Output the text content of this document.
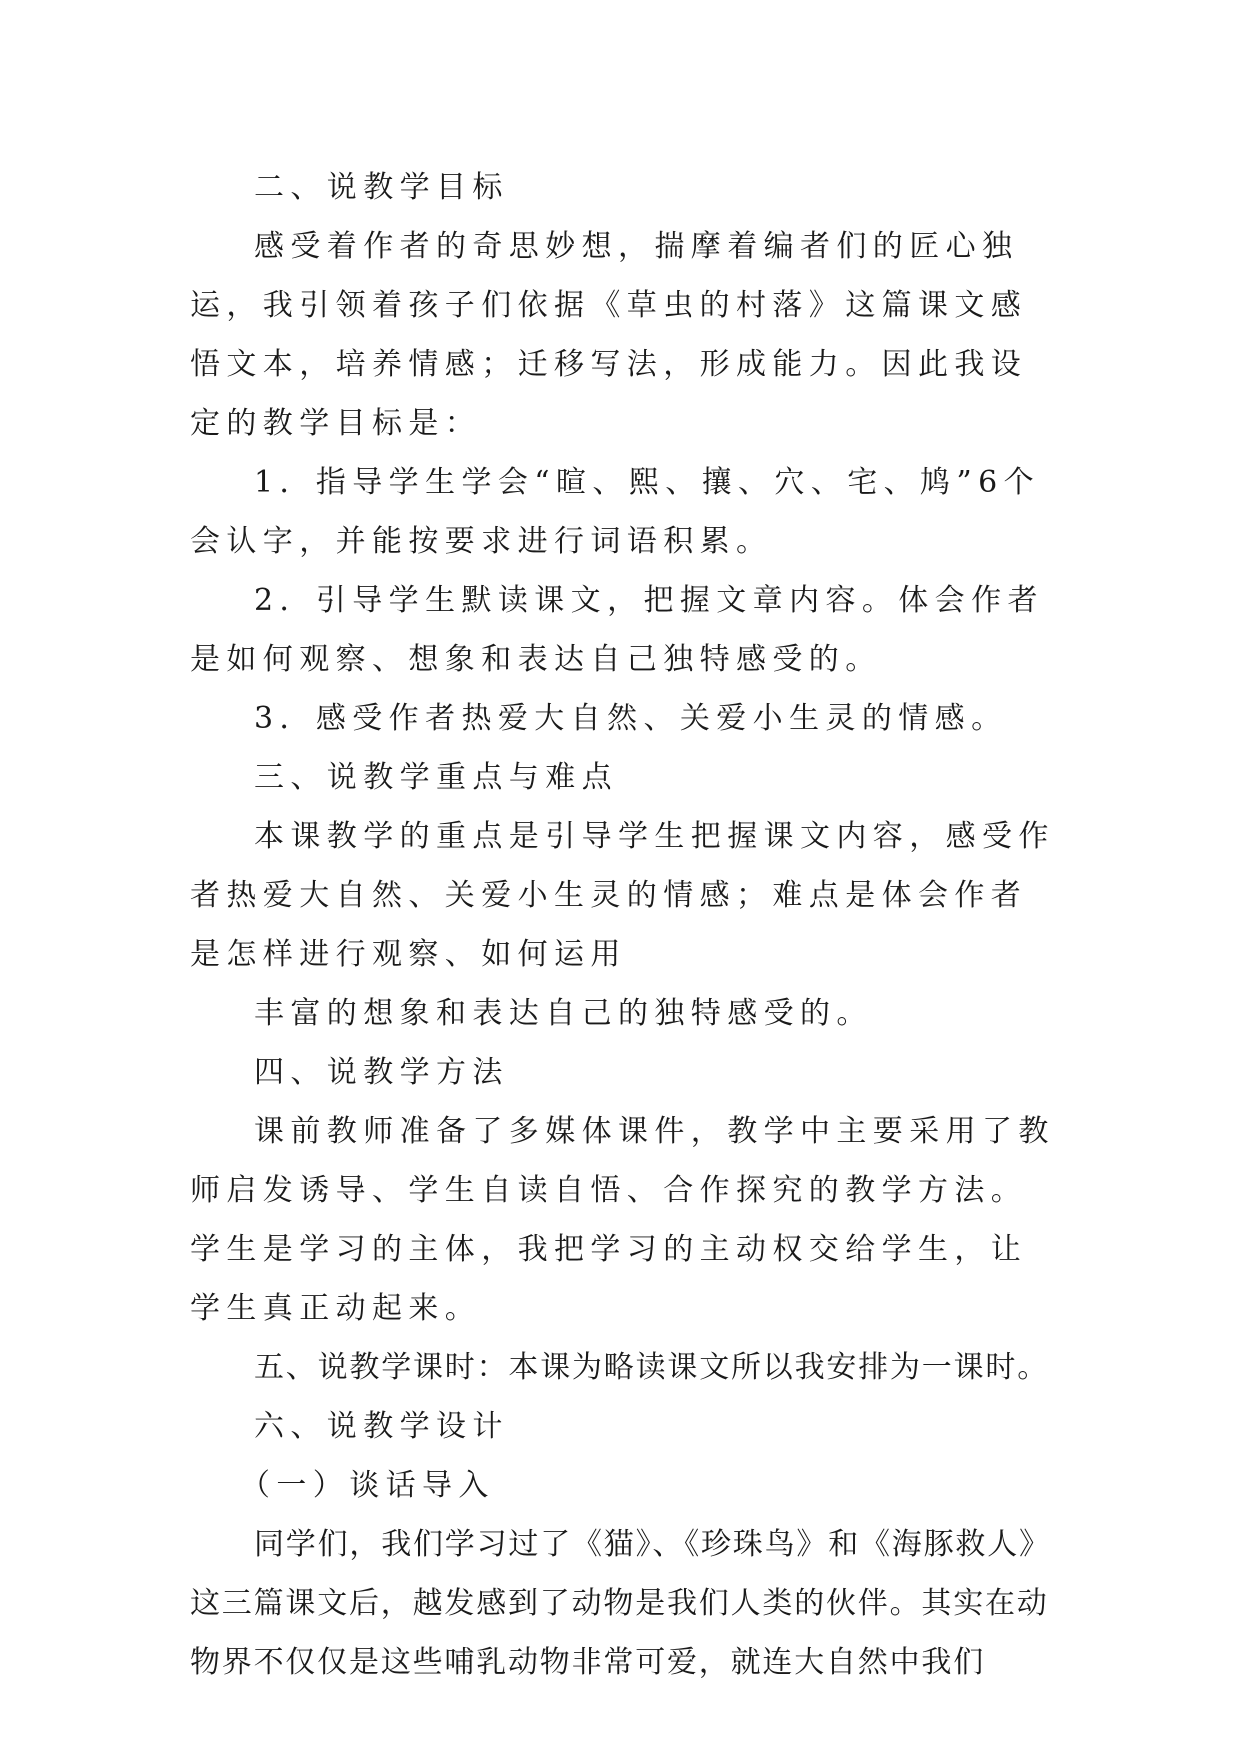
二、说教学目标

感受着作者的奇思妙想，揣摩着编者们的匠心独运，我引领着孩子们依据《草虫的村落》这篇课文感悟文本，培养情感；迁移写法，形成能力。因此我设定的教学目标是：

1．指导学生学会“暄、熙、攘、穴、宅、鸠”6个会认字，并能按要求进行词语积累。

2．引导学生默读课文，把握文章内容。体会作者是如何观察、想象和表达自己独特感受的。

3．感受作者热爱大自然、关爱小生灵的情感。

三、说教学重点与难点

本课教学的重点是引导学生把握课文内容，感受作者热爱大自然、关爱小生灵的情感；难点是体会作者是怎样进行观察、如何运用

丰富的想象和表达自己的独特感受的。

四、说教学方法

课前教师准备了多媒体课件，教学中主要采用了教师启发诱导、学生自读自悟、合作探究的教学方法。学生是学习的主体，我把学习的主动权交给学生，让学生真正动起来。

五、说教学课时：本课为略读课文所以我安排为一课时。

六、说教学设计

（一）谈话导入

同学们，我们学习过了《猫》、《珍珠鸟》和《海豚救人》这三篇课文后，越发感到了动物是我们人类的伙伴。其实在动物界不仅仅是这些哺乳动物非常可爱，就连大自然中我们
